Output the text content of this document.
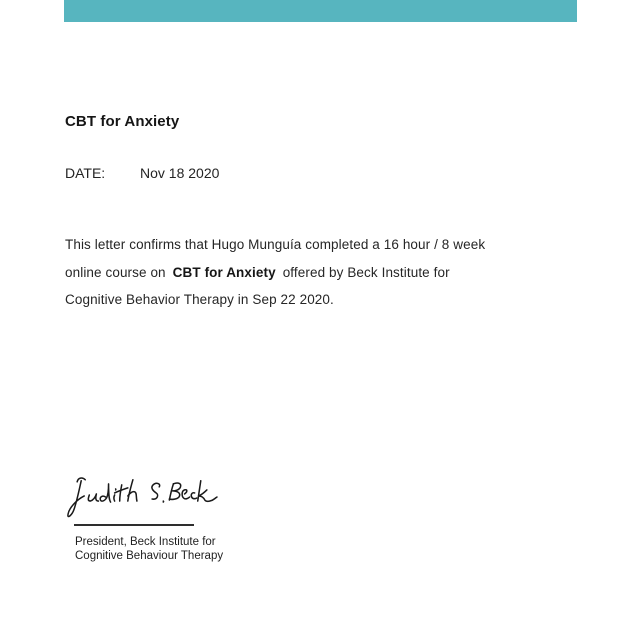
CBT for Anxiety
DATE: Nov 18 2020
This letter confirms that Hugo Munguía completed a 16 hour / 8 week
online course on CBT for Anxiety offered by Beck Institute for
Cognitive Behavior Therapy in Sep 22 2020.
President, Beck Institute for
Cognitive Behaviour Therapy
